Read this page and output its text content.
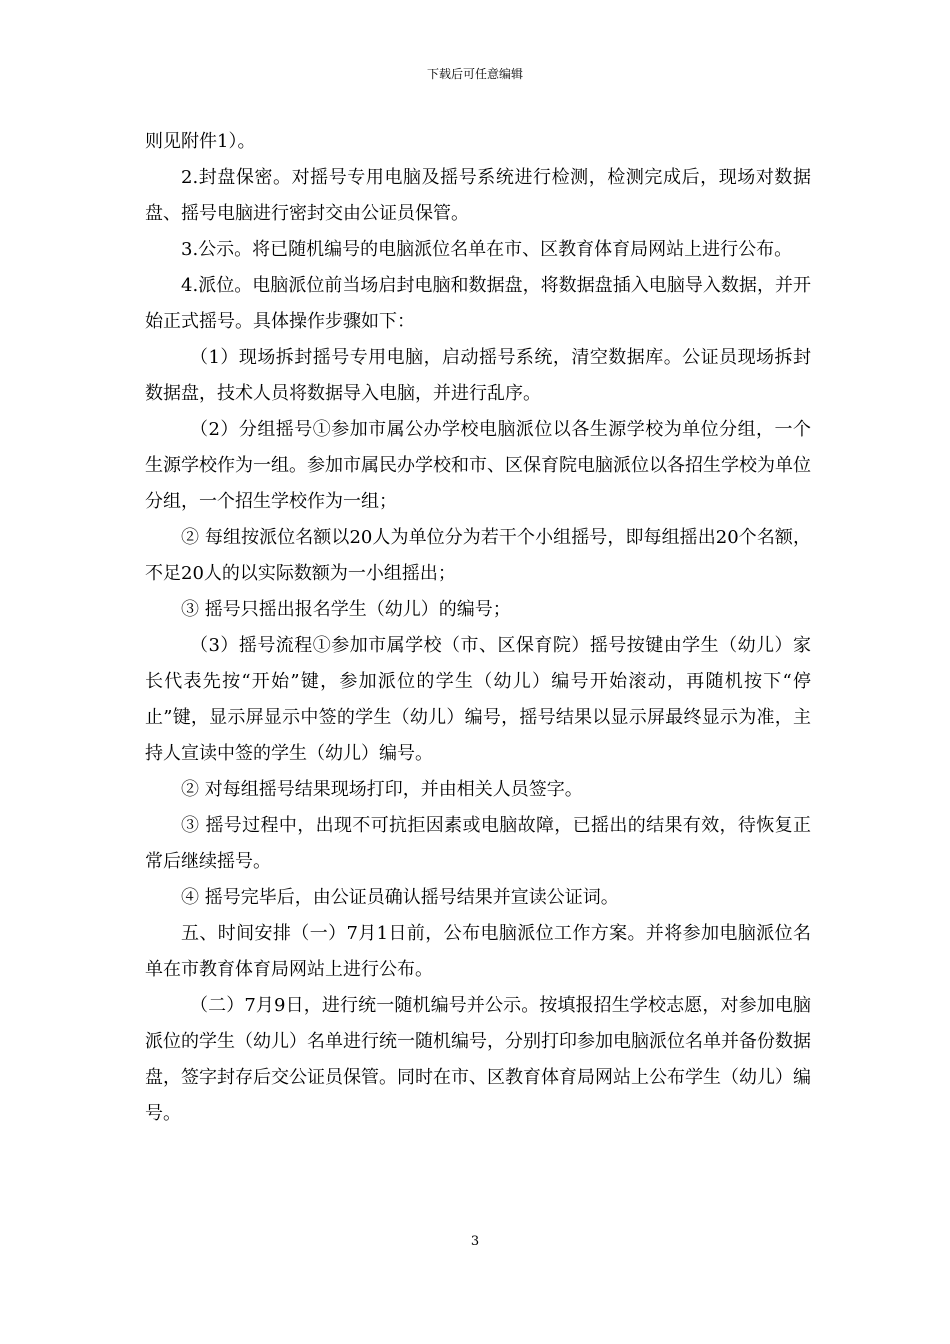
下载后可任意编辑

则见附件1）。

2.封盘保密。对摇号专用电脑及摇号系统进行检测，检测完成后，现场对数据盘、摇号电脑进行密封交由公证员保管。

3.公示。将已随机编号的电脑派位名单在市、区教育体育局网站上进行公布。

4.派位。电脑派位前当场启封电脑和数据盘，将数据盘插入电脑导入数据，并开始正式摇号。具体操作步骤如下：

（1）现场拆封摇号专用电脑，启动摇号系统，清空数据库。公证员现场拆封数据盘，技术人员将数据导入电脑，并进行乱序。

（2）分组摇号①参加市属公办学校电脑派位以各生源学校为单位分组，一个生源学校作为一组。参加市属民办学校和市、区保育院电脑派位以各招生学校为单位分组，一个招生学校作为一组；

② 每组按派位名额以20人为单位分为若干个小组摇号，即每组摇出20个名额，不足20人的以实际数额为一小组摇出；

③ 摇号只摇出报名学生（幼儿）的编号；

（3）摇号流程①参加市属学校（市、区保育院）摇号按键由学生（幼儿）家长代表先按“开始”键，参加派位的学生（幼儿）编号开始滚动，再随机按下“停止”键，显示屏显示中签的学生（幼儿）编号，摇号结果以显示屏最终显示为准，主持人宣读中签的学生（幼儿）编号。

② 对每组摇号结果现场打印，并由相关人员签字。

③ 摇号过程中，出现不可抗拒因素或电脑故障，已摇出的结果有效，待恢复正常后继续摇号。

④ 摇号完毕后，由公证员确认摇号结果并宣读公证词。

五、时间安排（一）7月1日前，公布电脑派位工作方案。并将参加电脑派位名单在市教育体育局网站上进行公布。

（二）7月9日，进行统一随机编号并公示。按填报招生学校志愿，对参加电脑派位的学生（幼儿）名单进行统一随机编号，分别打印参加电脑派位名单并备份数据盘，签字封存后交公证员保管。同时在市、区教育体育局网站上公布学生（幼儿）编号。

3
